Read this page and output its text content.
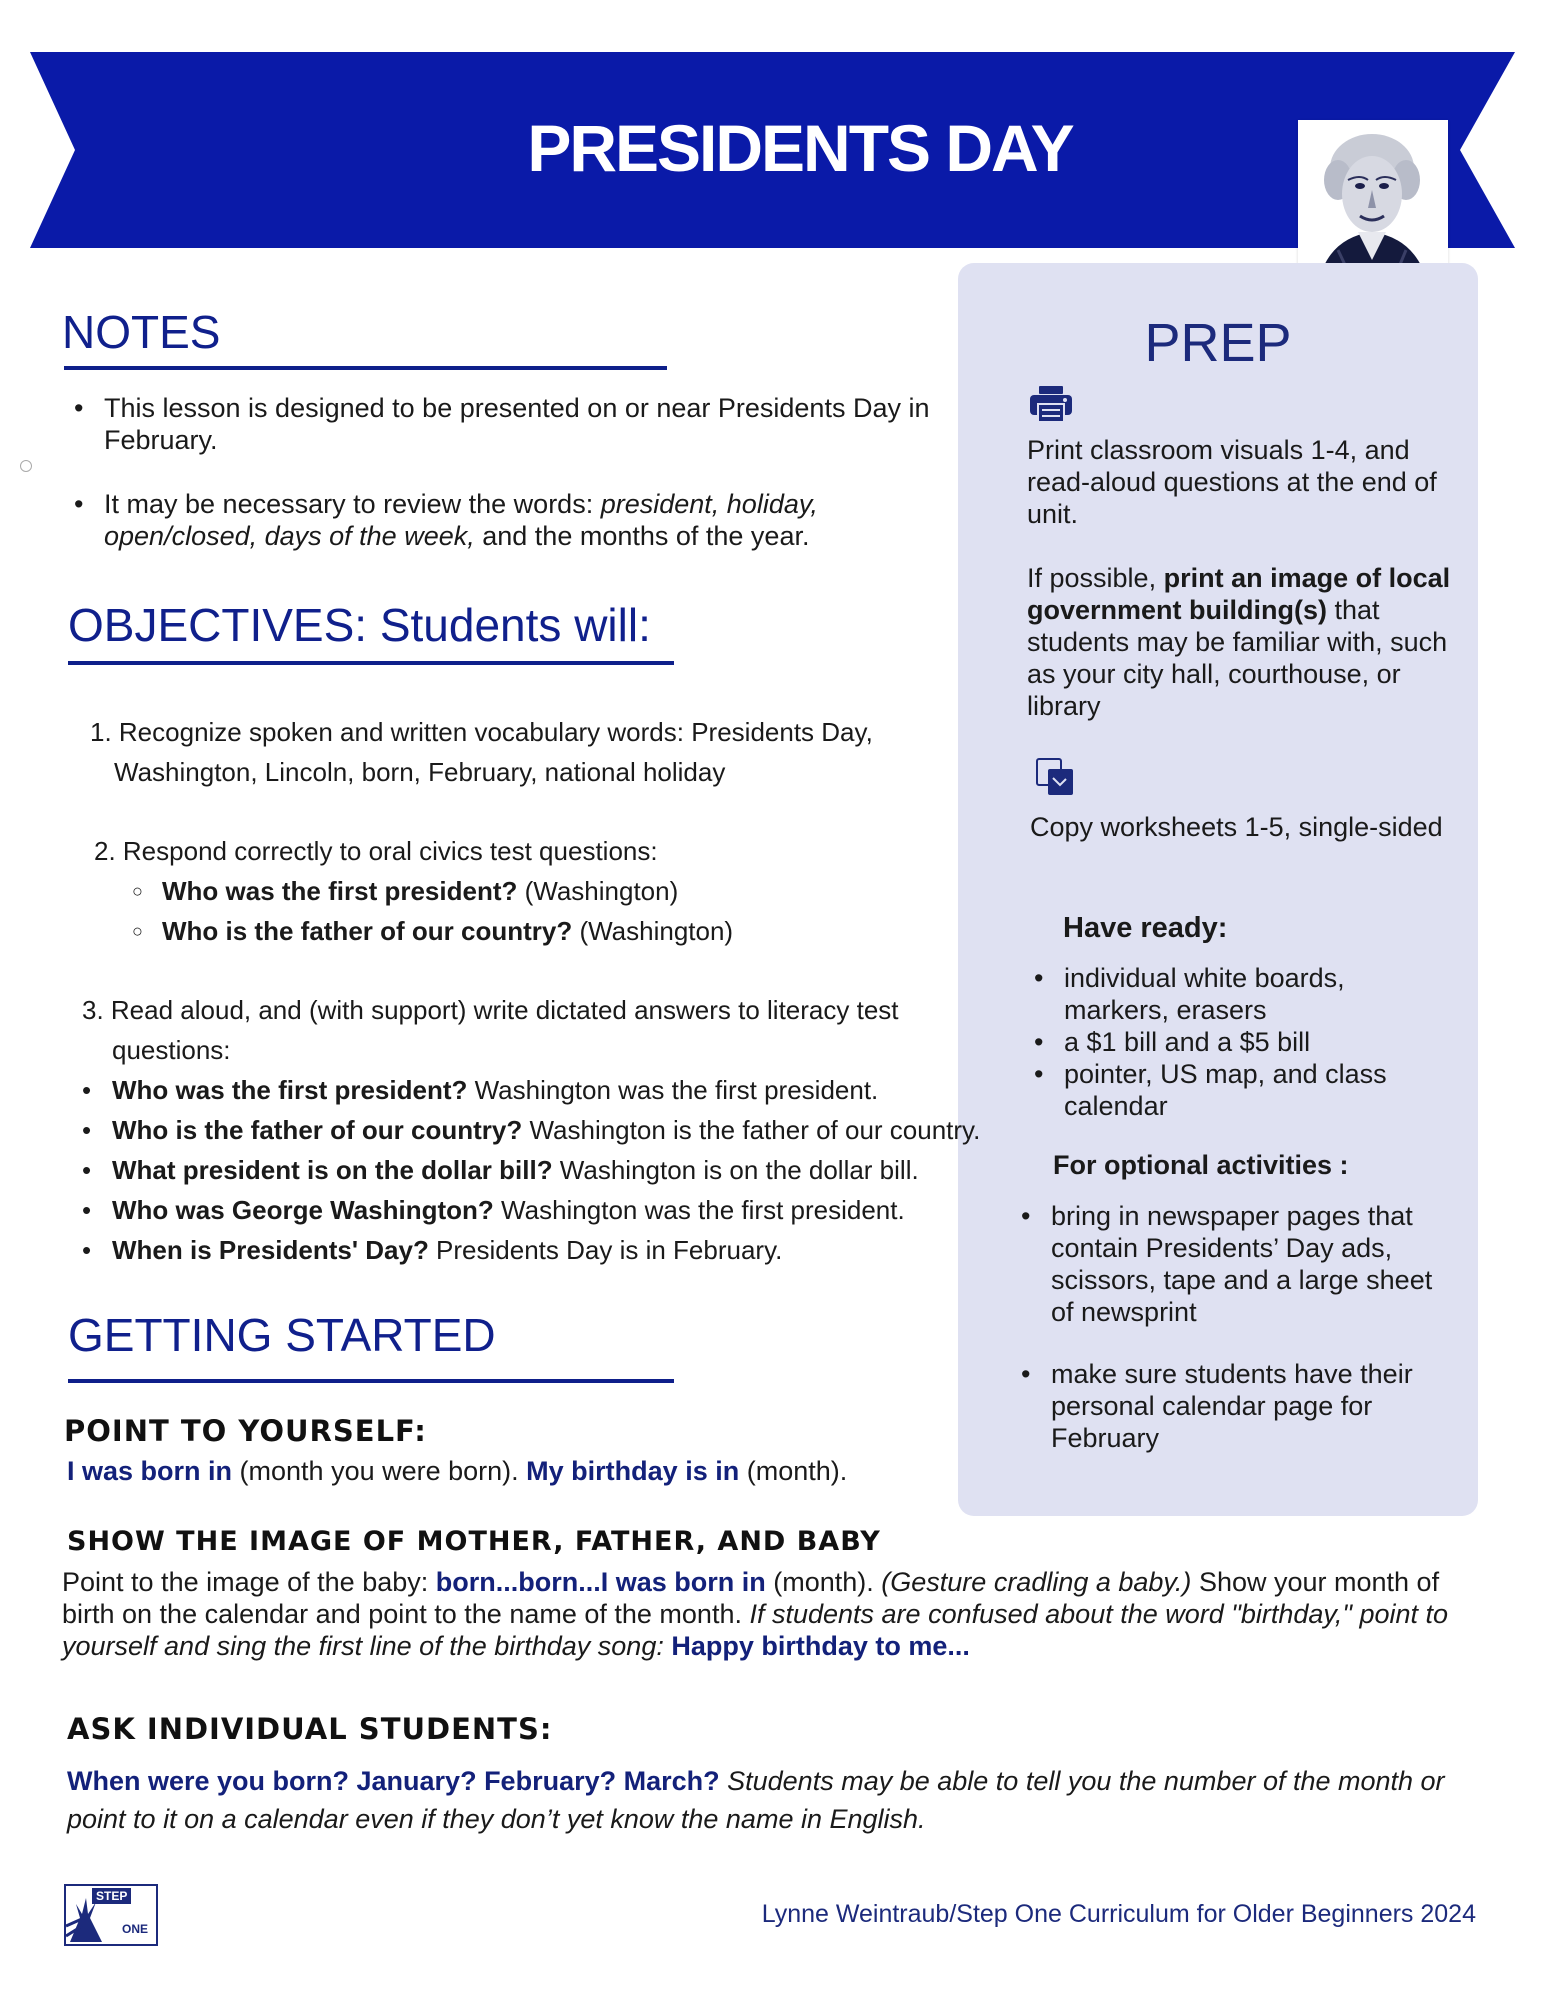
PRESIDENTS DAY
PREP
Print classroom visuals 1-4, and read-aloud questions at the end of unit.
If possible, print an image of local government building(s) that students may be familiar with, such as your city hall, courthouse, or library
Copy worksheets 1-5, single-sided
Have ready:
• individual white boards, markers, erasers
• a $1 bill and a $5 bill
• pointer, US map, and class calendar
For optional activities :
• bring in newspaper pages that contain Presidents’ Day ads, scissors, tape and a large sheet of newsprint
• make sure students have their personal calendar page for February
NOTES
• This lesson is designed to be presented on or near Presidents Day in February.
• It may be necessary to review the words: president, holiday, open/closed, days of the week, and the months of the year.
OBJECTIVES: Students will:
1. Recognize spoken and written vocabulary words: Presidents Day,
Washington, Lincoln, born, February, national holiday
2. Respond correctly to oral civics test questions:
○ Who was the first president? (Washington)
○ Who is the father of our country? (Washington)
3. Read aloud, and (with support) write dictated answers to literacy test
questions:
• Who was the first president? Washington was the first president.
• Who is the father of our country? Washington is the father of our country.
• What president is on the dollar bill? Washington is on the dollar bill.
• Who was George Washington? Washington was the first president.
• When is Presidents' Day? Presidents Day is in February.
GETTING STARTED
POINT TO YOURSELF:
I was born in (month you were born). My birthday is in (month).
SHOW THE IMAGE OF MOTHER, FATHER, AND BABY
Point to the image of the baby: born...born...I was born in (month). (Gesture cradling a baby.) Show your month of birth on the calendar and point to the name of the month. If students are confused about the word "birthday," point to yourself and sing the first line of the birthday song: Happy birthday to me...
ASK INDIVIDUAL STUDENTS:
When were you born? January? February? March? Students may be able to tell you the number of the month or point to it on a calendar even if they don’t yet know the name in English.
STEP
ONE
Lynne Weintraub/Step One Curriculum for Older Beginners 2024
